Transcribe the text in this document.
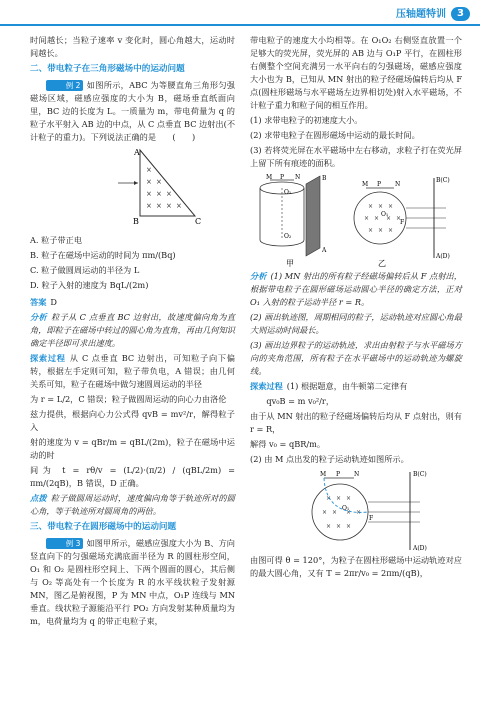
压轴题特训	3

时间越长；当粒子速率 v 变化时，圆心角越大，运动时间越长。

二、带电粒子在三角形磁场中的运动问题

例 2 如图所示，ABC 为等腰直角三角形匀强磁场区域，磁感应强度的大小为 B，磁场垂直纸面向里，BC 边的长度为 L。一质量为 m，带电荷量为 q 的粒子水平射入 AB 边的中点，从 C 点垂直 BC 边射出(不计粒子的重力)。下列说法正确的是　　(　　)

×
× ×
× × ×
× × × ×
A
B	C

A. 粒子带正电

B. 粒子在磁场中运动的时间为 πm/(Bq)

C. 粒子做圆周运动的半径为 L

D. 粒子入射的速度为 BqL/(2m)

答案 D

分析 粒子从 C 点垂直 BC 边射出，故速度偏向角为直角，即粒子在磁场中转过的圆心角为直角，再由几何知识确定半径即可求出速度。

探索过程 从 C 点垂直 BC 边射出，可知粒子向下偏转，根据左手定则可知，粒子带负电，A 错误；由几何关系可知，粒子在磁场中做匀速圆周运动的半径

为 r = L/2，C 错误；粒子做圆周运动的向心力由洛伦

兹力提供，根据向心力公式得 qvB = mv²/r，解得粒子入

射的速度为 v = qBr/m = qBL/(2m)，粒子在磁场中运动的时

间为 t = rθ/v = (L/2)·(π/2) / (qBL/2m) = πm/(2qB)，B 错误，D 正确。

点拨 粒子做圆周运动时，速度偏向角等于轨迹所对的圆心角，等于轨迹所对圆周角的两倍。

三、带电粒子在圆形磁场中的运动问题

例 3 如图甲所示，磁感应强度大小为 B、方向竖直向下的匀强磁场充满底面半径为 R 的圆柱形空间，O₁ 和 O₂ 是圆柱形空间上、下两个圆面的圆心，其后侧与 O₂ 等高处有一个长度为 R 的水平线状粒子发射源 MN，图乙是俯视图，P 为 MN 中点，O₁P 连线与 MN 垂直。线状粒子源能沿平行 PO₂ 方向发射某种质量均为 m，电荷量均为 q 的带正电粒子束，

带电粒子的速度大小均相等。在 O₁O₂ 右侧竖直放置一个足够大的荧光屏，荧光屏的 AB 边与 O₁P 平行，在圆柱形右侧整个空间充满另一水平向右的匀强磁场，磁感应强度大小也为 B，已知从 MN 射出的粒子经磁场偏转后均从 F 点(圆柱形磁场与水平磁场左边界相切处)射入水平磁场，不计粒子重力和粒子间的相互作用。

(1) 求带电粒子的初速度大小。

(2) 求带电粒子在圆形磁场中运动的最长时间。

(3) 若将荧光屏在水平磁场中左右移动，求粒子打在荧光屏上留下所有痕迹的面积。

M P N
O₁
O₂
B
A
甲
× × ×
× × × ×
× × ×
M P N
O₁
F
B(C)
A(D)
乙

分析 (1) MN 射出的所有粒子经磁场偏转后从 F 点射出，根据带电粒子在圆形磁场运动圆心半径的确定方法，正对 O₁ 入射的粒子运动半径 r = R。

(2) 画出轨迹图，周期相同的粒子，运动轨迹对应圆心角最大则运动时间最长。

(3) 画出边界粒子的运动轨迹，求出由射粒子与水平磁场方向的夹角范围，所有粒子在水平磁场中的运动轨迹为螺旋线。

探索过程 (1) 根据题意，由牛顿第二定律有

qv₀B = m v₀²/r，

由于从 MN 射出的粒子经磁场偏转后均从 F 点射出，则有 r = R，

解得 v₀ = qBR/m。

(2) 由 M 点出发的粒子运动轨迹如图所示。

× × ×
× × × ×
× × ×
M P N
O₁
F
B(C)
A(D)

由图可得 θ = 120°，为粒子在圆柱形磁场中运动轨迹对应的最大圆心角，又有 T = 2πr/v₀ = 2πm/(qB)，
